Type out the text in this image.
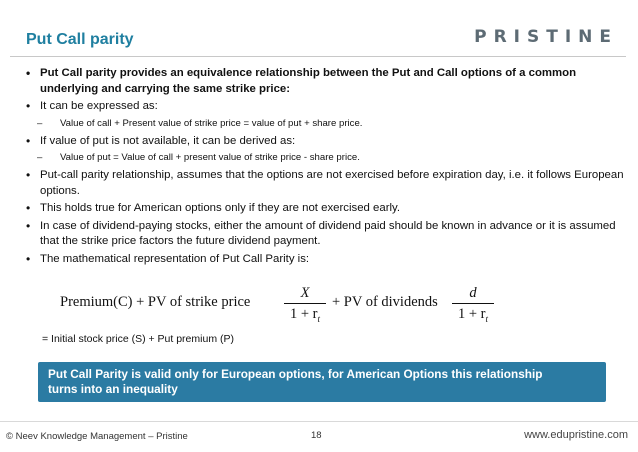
Put Call parity	PRISTINE
• Put Call parity provides an equivalence relationship between the Put and Call options of a common underlying and carrying the same strike price:
• It can be expressed as:
– Value of call + Present value of strike price = value of put + share price.
• If value of put is not available, it can be derived as:
– Value of put = Value of call + present value of strike price - share price.
• Put-call parity relationship, assumes that the options are not exercised before expiration day, i.e. it follows European options.
• This holds true for American options only if they are not exercised early.
• In case of dividend-paying stocks, either the amount of dividend paid should be known in advance or it is assumed that the strike price factors the future dividend payment.
• The mathematical representation of Put Call Parity is:
Premium(C) + PV of strike price
X
$1 + r_t$
+ PV of dividends
d
$1 + r_t$
= Initial stock price (S) + Put premium (P)
Put Call Parity is valid only for European options, for American Options this relationship turns into an inequality
© Neev Knowledge Management – Pristine	18	www.edupristine.com
